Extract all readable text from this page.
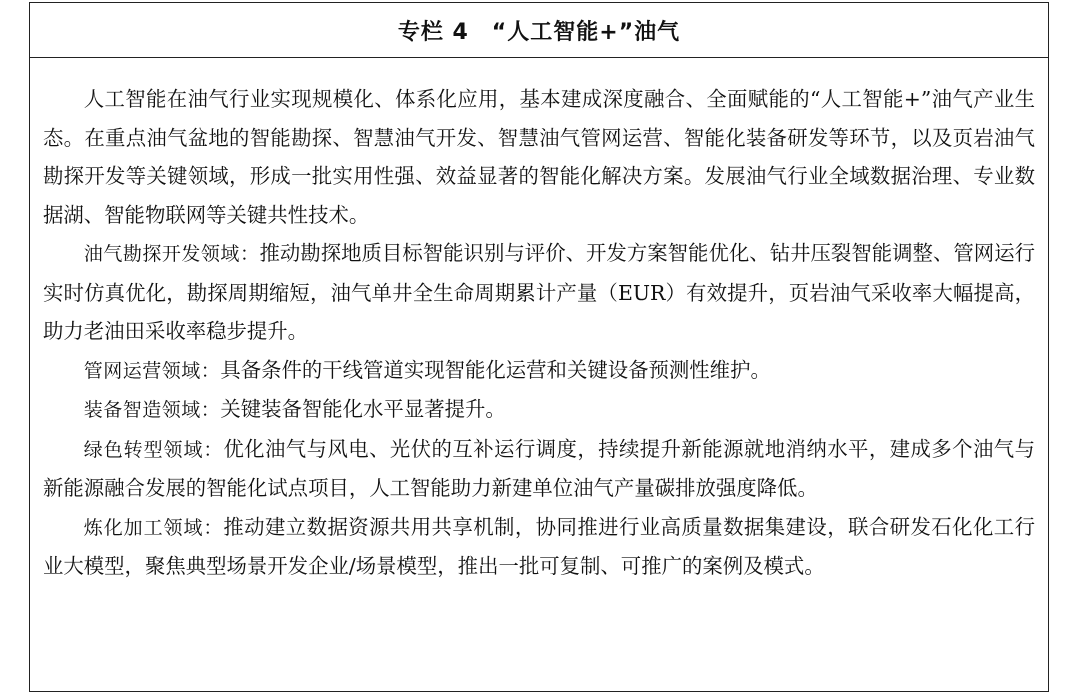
专栏 4　“人工智能+”油气

人工智能在油气行业实现规模化、体系化应用，基本建成深度融合、全面赋能的“人工智能+”油气产业生态。在重点油气盆地的智能勘探、智慧油气开发、智慧油气管网运营、智能化装备研发等环节，以及页岩油气勘探开发等关键领域，形成一批实用性强、效益显著的智能化解决方案。发展油气行业全域数据治理、专业数据湖、智能物联网等关键共性技术。

油气勘探开发领域：推动勘探地质目标智能识别与评价、开发方案智能优化、钻井压裂智能调整、管网运行实时仿真优化，勘探周期缩短，油气单井全生命周期累计产量（EUR）有效提升，页岩油气采收率大幅提高，助力老油田采收率稳步提升。

管网运营领域：具备条件的干线管道实现智能化运营和关键设备预测性维护。

装备智造领域：关键装备智能化水平显著提升。

绿色转型领域：优化油气与风电、光伏的互补运行调度，持续提升新能源就地消纳水平，建成多个油气与新能源融合发展的智能化试点项目，人工智能助力新建单位油气产量碳排放强度降低。

炼化加工领域：推动建立数据资源共用共享机制，协同推进行业高质量数据集建设，联合研发石化化工行业大模型，聚焦典型场景开发企业/场景模型，推出一批可复制、可推广的案例及模式。
